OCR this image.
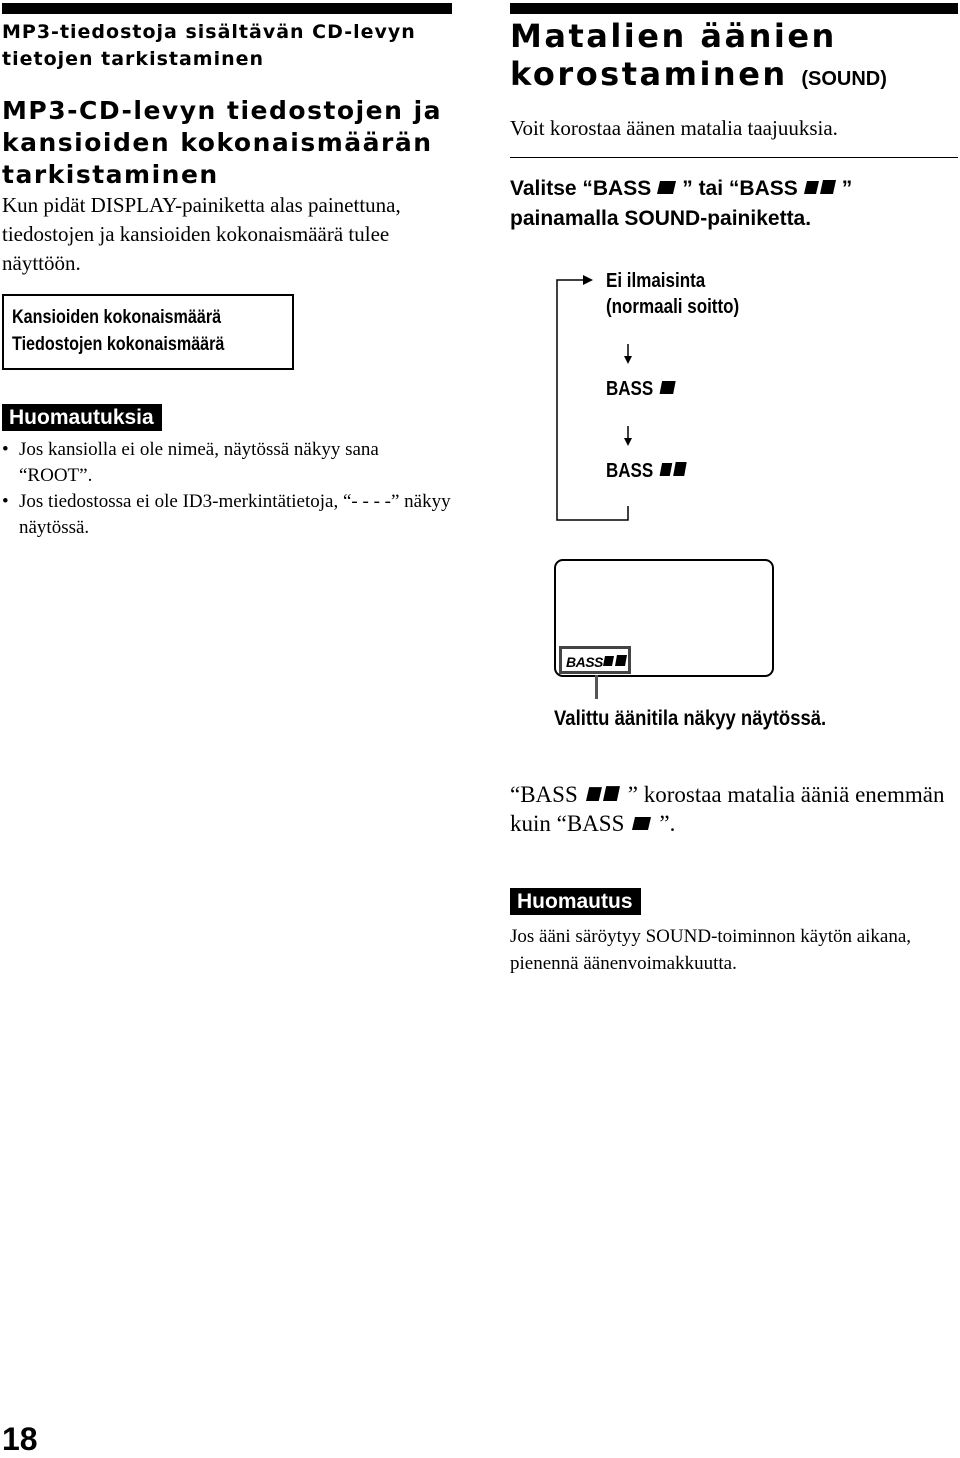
MP3-tiedostoja sisältävän CD-levyn tietojen tarkistaminen
MP3-CD-levyn tiedostojen ja kansioiden kokonaismäärän tarkistaminen

Kun pidät DISPLAY-painiketta alas painettuna, tiedostojen ja kansioiden kokonaismäärä tulee näyttöön.

Kansioiden kokonaismäärä
Tiedostojen kokonaismäärä
Huomautuksia
• Jos kansiolla ei ole nimeä, näytössä näkyy sana “ROOT”.
• Jos tiedostossa ei ole ID3-merkintätietoja, “- - - -” näkyy näytössä.
Matalien äänien korostaminen (SOUND)

Voit korostaa äänen matalia taajuuksia.

Valitse “BASS ” tai “BASS ”
painamalla SOUND-painiketta.
Ei ilmaisinta
(normaali soitto)
BASS
BASS
BASS
Valittu äänitila näkyy näytössä.
“BASS ” korostaa matalia ääniä enemmän kuin “BASS ”.
Huomautus

Jos ääni säröytyy SOUND-toiminnon käytön aikana, pienennä äänenvoimakkuutta.

18
